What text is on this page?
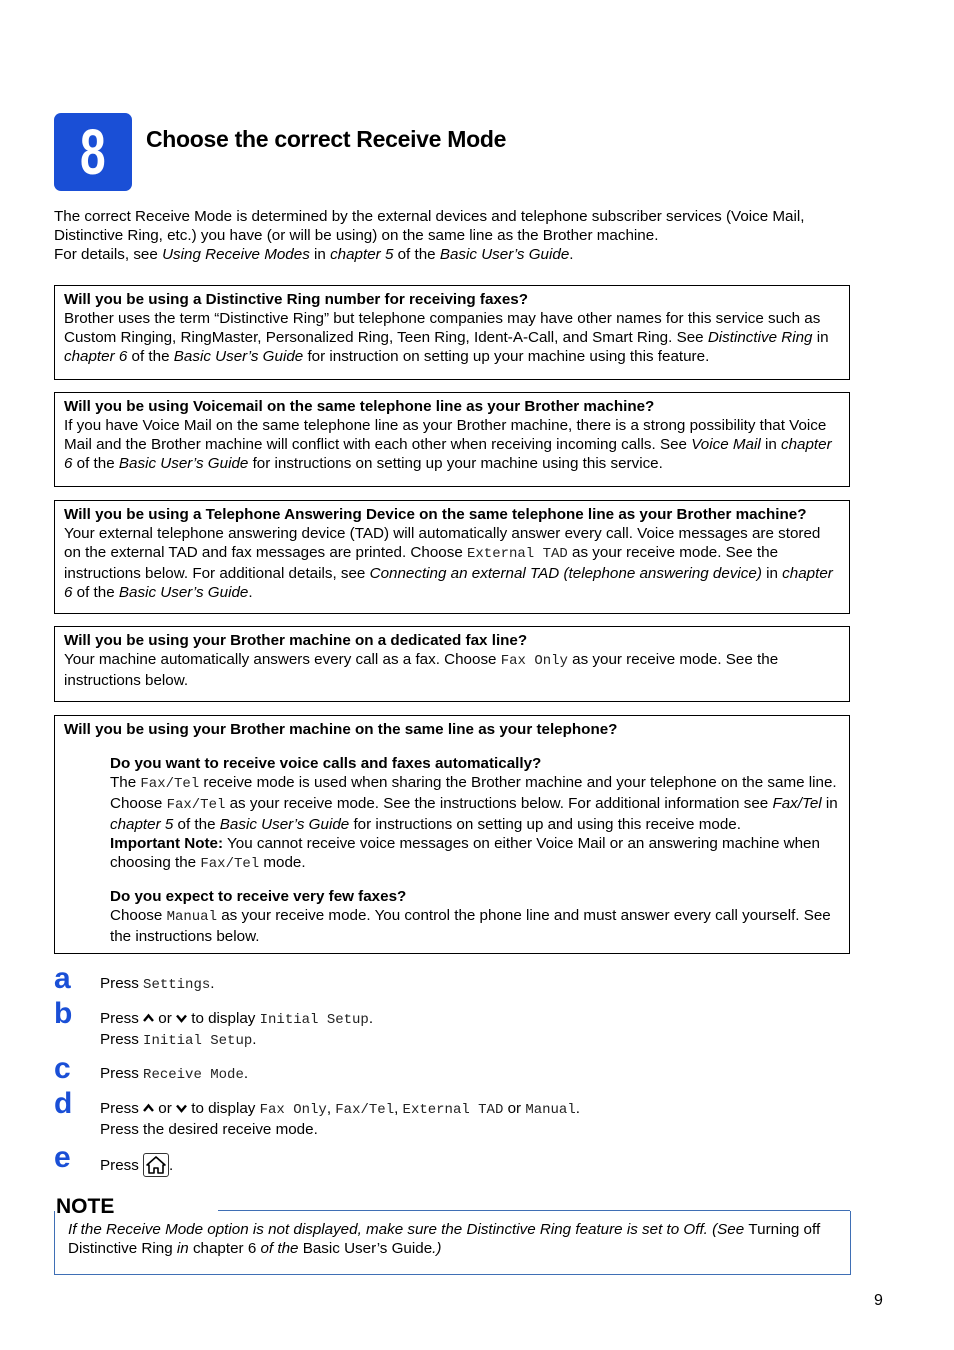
8 Choose the correct Receive Mode

The correct Receive Mode is determined by the external devices and telephone subscriber services (Voice Mail, Distinctive Ring, etc.) you have (or will be using) on the same line as the Brother machine.

For details, see Using Receive Modes in chapter 5 of the Basic User’s Guide.

Will you be using a Distinctive Ring number for receiving faxes?

Brother uses the term “Distinctive Ring” but telephone companies may have other names for this service such as Custom Ringing, RingMaster, Personalized Ring, Teen Ring, Ident-A-Call, and Smart Ring. See Distinctive Ring in chapter 6 of the Basic User’s Guide for instruction on setting up your machine using this feature.

Will you be using Voicemail on the same telephone line as your Brother machine?

If you have Voice Mail on the same telephone line as your Brother machine, there is a strong possibility that Voice Mail and the Brother machine will conflict with each other when receiving incoming calls. See Voice Mail in chapter 6 of the Basic User’s Guide for instructions on setting up your machine using this service.

Will you be using a Telephone Answering Device on the same telephone line as your Brother machine?

Your external telephone answering device (TAD) will automatically answer every call. Voice messages are stored on the external TAD and fax messages are printed. Choose External TAD as your receive mode. See the instructions below. For additional details, see Connecting an external TAD (telephone answering device) in chapter 6 of the Basic User’s Guide.

Will you be using your Brother machine on a dedicated fax line?

Your machine automatically answers every call as a fax. Choose Fax Only as your receive mode. See the instructions below.

Will you be using your Brother machine on the same line as your telephone?
Do you want to receive voice calls and faxes automatically?

The Fax/Tel receive mode is used when sharing the Brother machine and your telephone on the same line. Choose Fax/Tel as your receive mode. See the instructions below. For additional information see Fax/Tel in chapter 5 of the Basic User’s Guide for instructions on setting up and using this receive mode.

Important Note: You cannot receive voice messages on either Voice Mail or an answering machine when choosing the Fax/Tel mode.

Do you expect to receive very few faxes?

Choose Manual as your receive mode. You control the phone line and must answer every call yourself. See the instructions below.

a Press Settings.
b Press  or  to display Initial Setup.
Press Initial Setup.
c Press Receive Mode.
d Press  or  to display Fax Only, Fax/Tel, External TAD or Manual.
Press the desired receive mode.
e Press .
NOTE

If the Receive Mode option is not displayed, make sure the Distinctive Ring feature is set to Off. (See Turning off Distinctive Ring in chapter 6 of the Basic User’s Guide.)

9
